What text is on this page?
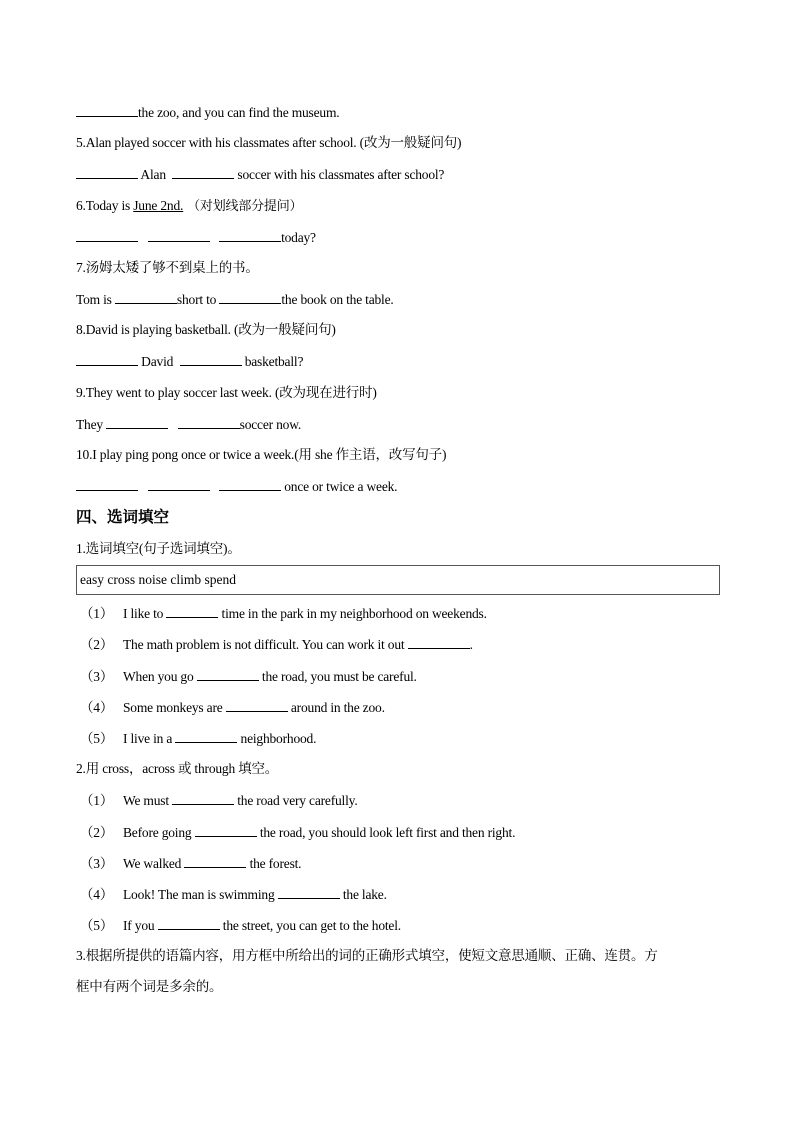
the zoo, and you can find the museum.
5.Alan played soccer with his classmates after school. (改为一般疑问句)
Alan	soccer with his classmates after school?
6.Today is June 2nd. （对划线部分提问）
today?
7.汤姆太矮了够不到桌上的书。
Tom is	short to	the book on the table.
8.David is playing basketball. (改为一般疑问句)
David	basketball?
9.They went to play soccer last week. (改为现在进行时)
They	soccer now.
10.I play ping pong once or twice a week.(用 she 作主语，改写句子)
once or twice a week.
四、选词填空
1.选词填空(句子选词填空)。
easy cross noise climb spend
（1） I like to	time in the park in my neighborhood on weekends.
（2） The math problem is not difficult. You can work it out	.
（3） When you go	the road, you must be careful.
（4） Some monkeys are	around in the zoo.
（5） I live in a	neighborhood.
2.用 cross，across 或 through 填空。
（1） We must	the road very carefully.
（2） Before going	the road, you should look left first and then right.
（3） We walked	the forest.
（4） Look! The man is swimming	the lake.
（5） If you	the street, you can get to the hotel.
3.根据所提供的语篇内容，用方框中所给出的词的正确形式填空，使短文意思通顺、正确、连贯。方
框中有两个词是多余的。
